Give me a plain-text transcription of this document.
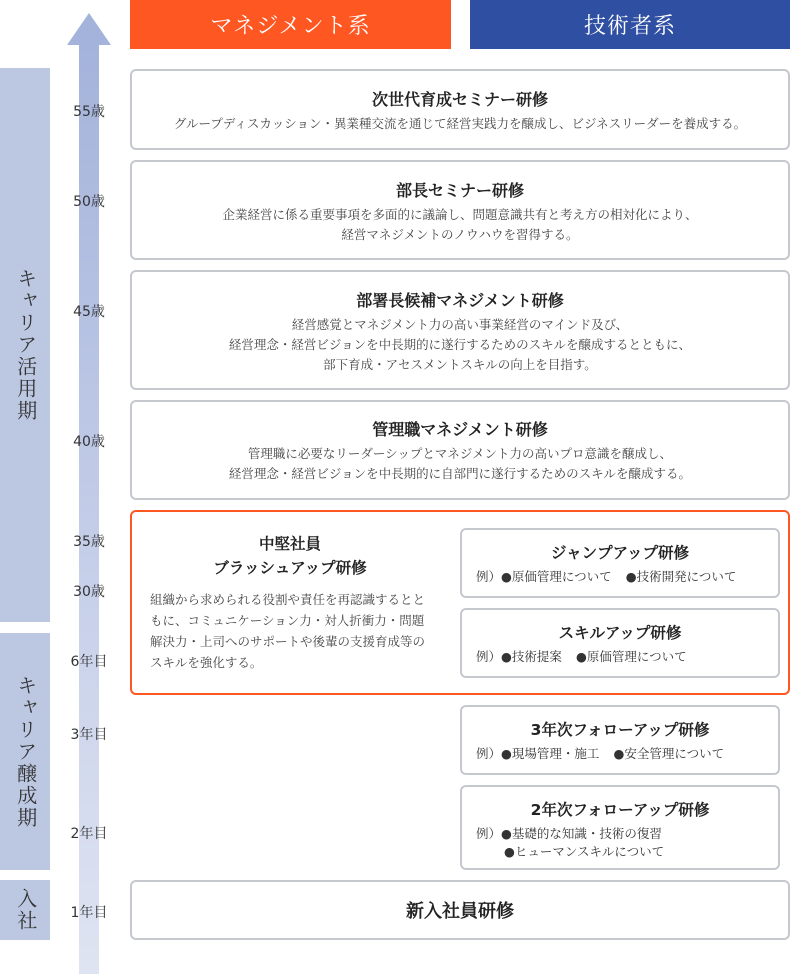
マネジメント系	技術者系
キャリア活用期
キャリア醸成期
入社
55歳
50歳
45歳
40歳
35歳
30歳
6年目
3年目
2年目
1年目
次世代育成セミナー研修
グループディスカッション・異業種交流を通じて経営実践力を醸成し、ビジネスリーダーを養成する。
部長セミナー研修
企業経営に係る重要事項を多面的に議論し、問題意識共有と考え方の相対化により、
経営マネジメントのノウハウを習得する。
部署長候補マネジメント研修
経営感覚とマネジメント力の高い事業経営のマインド及び、
経営理念・経営ビジョンを中長期的に遂行するためのスキルを醸成するとともに、
部下育成・アセスメントスキルの向上を目指す。
管理職マネジメント研修
管理職に必要なリーダーシップとマネジメント力の高いプロ意識を醸成し、
経営理念・経営ビジョンを中長期的に自部門に遂行するためのスキルを醸成する。
中堅社員
ブラッシュアップ研修
組織から求められる役割や責任を再認識するとと
もに、コミュニケーション力・対人折衝力・問題
解決力・上司へのサポートや後輩の支援育成等の
スキルを強化する。
ジャンプアップ研修
例）●原価管理について ●技術開発について
スキルアップ研修
例）●技術提案 ●原価管理について
3年次フォローアップ研修
例）●現場管理・施工 ●安全管理について
2年次フォローアップ研修
例）●基礎的な知識・技術の復習
●ヒューマンスキルについて
新入社員研修
